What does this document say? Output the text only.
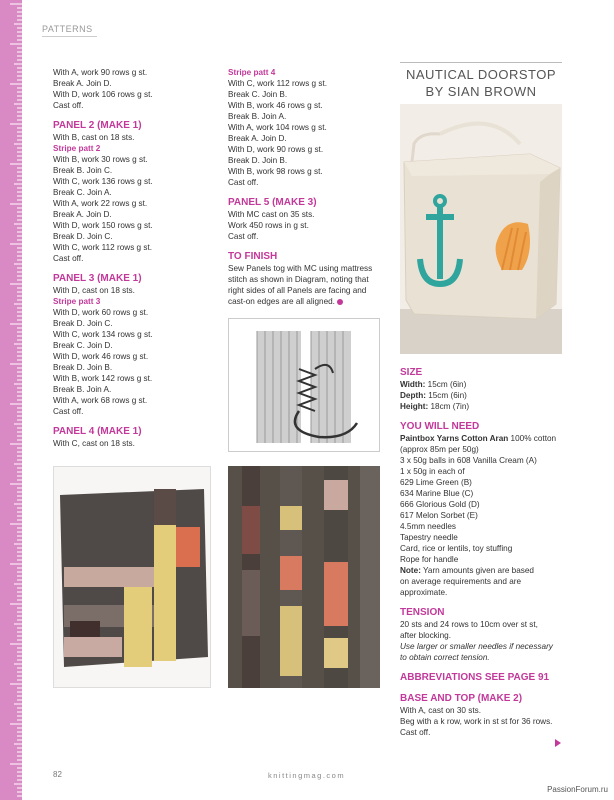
PATTERNS
With A, work 90 rows g st.
Break A. Join D.
With D, work 106 rows g st.
Cast off.
PANEL 2 (MAKE 1)
With B, cast on 18 sts.
Stripe patt 2
With B, work 30 rows g st.
Break B. Join C.
With C, work 136 rows g st.
Break C. Join A.
With A, work 22 rows g st.
Break A. Join D.
With D, work 150 rows g st.
Break D. Join C.
With C, work 112 rows g st.
Cast off.
PANEL 3 (MAKE 1)
With D, cast on 18 sts.
Stripe patt 3
With D, work 60 rows g st.
Break D. Join C.
With C, work 134 rows g st.
Break C. Join D.
With D, work 46 rows g st.
Break D. Join B.
With B, work 142 rows g st.
Break B. Join A.
With A, work 68 rows g st.
Cast off.
PANEL 4 (MAKE 1)
With C, cast on 18 sts.
Stripe patt 4
With C, work 112 rows g st.
Break C. Join B.
With B, work 46 rows g st.
Break B. Join A.
With A, work 104 rows g st.
Break A. Join D.
With D, work 90 rows g st.
Break D. Join B.
With B, work 98 rows g st.
Cast off.
PANEL 5 (MAKE 3)
With MC cast on 35 sts.
Work 450 rows in g st.
Cast off.
TO FINISH
Sew Panels tog with MC using mattress
stitch as shown in Diagram, noting that
right sides of all Panels are facing and
cast-on edges are all aligned.
NAUTICAL DOORSTOP
BY SIAN BROWN
SIZE
Width: 15cm (6in)
Depth: 15cm (6in)
Height: 18cm (7in)
YOU WILL NEED
Paintbox Yarns Cotton Aran 100% cotton
(approx 85m per 50g)
3 x 50g balls in 608 Vanilla Cream (A)
1 x 50g in each of
629 Lime Green (B)
634 Marine Blue (C)
666 Glorious Gold (D)
617 Melon Sorbet (E)
4.5mm needles
Tapestry needle
Card, rice or lentils, toy stuffing
Rope for handle
Note: Yarn amounts given are based
on average requirements and are
approximate.
TENSION
20 sts and 24 rows to 10cm over st st,
after blocking.
Use larger or smaller needles if necessary
to obtain correct tension.
ABBREVIATIONS SEE PAGE 91
BASE AND TOP (MAKE 2)
With A, cast on 30 sts.
Beg with a k row, work in st st for 36 rows.
Cast off.
82	knittingmag.com
PassionForum.ru
